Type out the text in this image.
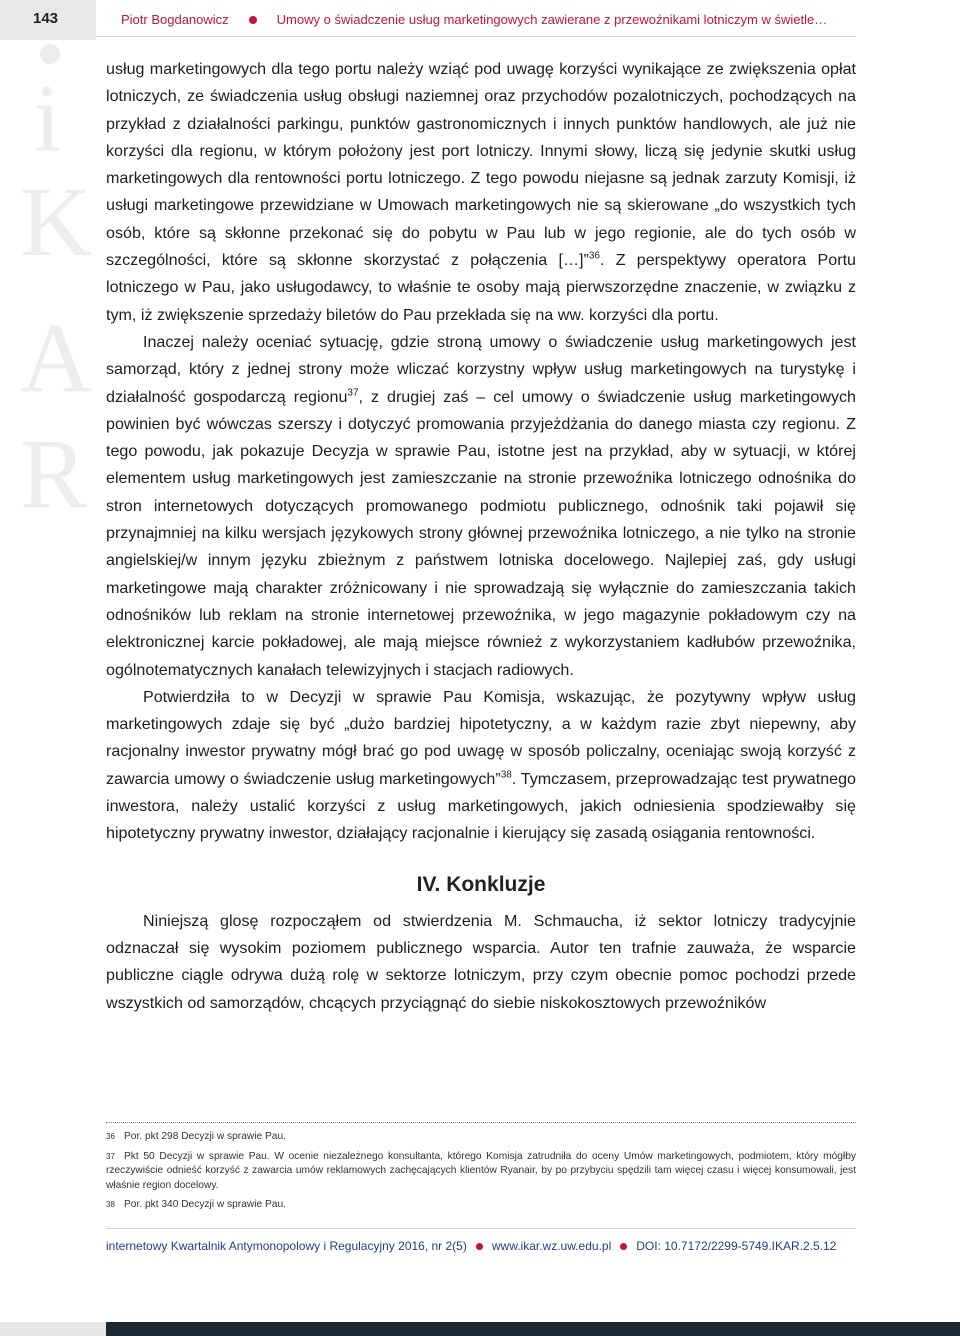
143	Piotr Bogdanowicz	Umowy o świadczenie usług marketingowych zawierane z przewoźnikami lotniczym w świetle…
i
K
A
R

usług marketingowych dla tego portu należy wziąć pod uwagę korzyści wynikające ze zwiększenia opłat lotniczych, ze świadczenia usług obsługi naziemnej oraz przychodów pozalotniczych, pochodzących na przykład z działalności parkingu, punktów gastronomicznych i innych punktów handlowych, ale już nie korzyści dla regionu, w którym położony jest port lotniczy. Innymi słowy, liczą się jedynie skutki usług marketingowych dla rentowności portu lotniczego. Z tego powodu niejasne są jednak zarzuty Komisji, iż usługi marketingowe przewidziane w Umowach marketingowych nie są skierowane „do wszystkich tych osób, które są skłonne przekonać się do pobytu w Pau lub w jego regionie, ale do tych osób w szczególności, które są skłonne skorzystać z połączenia […]”$^{36}$. Z perspektywy operatora Portu lotniczego w Pau, jako usługodawcy, to właśnie te osoby mają pierwszorzędne znaczenie, w związku z tym, iż zwiększenie sprzedaży biletów do Pau przekłada się na ww. korzyści dla portu.

Inaczej należy oceniać sytuację, gdzie stroną umowy o świadczenie usług marketingowych jest samorząd, który z jednej strony może wliczać korzystny wpływ usług marketingowych na turystykę i działalność gospodarczą regionu$^{37}$, z drugiej zaś – cel umowy o świadczenie usług marketingowych powinien być wówczas szerszy i dotyczyć promowania przyjeżdżania do danego miasta czy regionu. Z tego powodu, jak pokazuje Decyzja w sprawie Pau, istotne jest na przykład, aby w sytuacji, w której elementem usług marketingowych jest zamieszczanie na stronie przewoźnika lotniczego odnośnika do stron internetowych dotyczących promowanego podmiotu publicznego, odnośnik taki pojawił się przynajmniej na kilku wersjach językowych strony głównej przewoźnika lotniczego, a nie tylko na stronie angielskiej/w innym języku zbieżnym z państwem lotniska docelowego. Najlepiej zaś, gdy usługi marketingowe mają charakter zróżnicowany i nie sprowadzają się wyłącznie do zamieszczania takich odnośników lub reklam na stronie internetowej przewoźnika, w jego magazynie pokładowym czy na elektronicznej karcie pokładowej, ale mają miejsce również z wykorzystaniem kadłubów przewoźnika, ogólnotematycznych kanałach telewizyjnych i stacjach radiowych.

Potwierdziła to w Decyzji w sprawie Pau Komisja, wskazując, że pozytywny wpływ usług marketingowych zdaje się być „dużo bardziej hipotetyczny, a w każdym razie zbyt niepewny, aby racjonalny inwestor prywatny mógł brać go pod uwagę w sposób policzalny, oceniając swoją korzyść z zawarcia umowy o świadczenie usług marketingowych”$^{38}$. Tymczasem, przeprowadzając test prywatnego inwestora, należy ustalić korzyści z usług marketingowych, jakich odniesienia spodziewałby się hipotetyczny prywatny inwestor, działający racjonalnie i kierujący się zasadą osiągania rentowności.

IV. Konkluzje

Niniejszą glosę rozpocząłem od stwierdzenia M. Schmaucha, iż sektor lotniczy tradycyjnie odznaczał się wysokim poziomem publicznego wsparcia. Autor ten trafnie zauważa, że wsparcie publiczne ciągle odrywa dużą rolę w sektorze lotniczym, przy czym obecnie pomoc pochodzi przede wszystkich od samorządów, chcących przyciągnąć do siebie niskokosztowych przewoźników

36 Por. pkt 298 Decyzji w sprawie Pau.
37 Pkt 50 Decyzji w sprawie Pau. W ocenie niezależnego konsultanta, którego Komisja zatrudniła do oceny Umów marketingowych, podmiotem, który mógłby rzeczywiście odnieść korzyść z zawarcia umów reklamowych zachęcających klientów Ryanair, by po przybyciu spędzili tam więcej czasu i więcej konsumowali, jest właśnie region docelowy.
38 Por. pkt 340 Decyzji w sprawie Pau.
internetowy Kwartalnik Antymonopolowy i Regulacyjny 2016, nr 2(5) www.ikar.wz.uw.edu.pl DOI: 10.7172/2299-5749.IKAR.2.5.12
